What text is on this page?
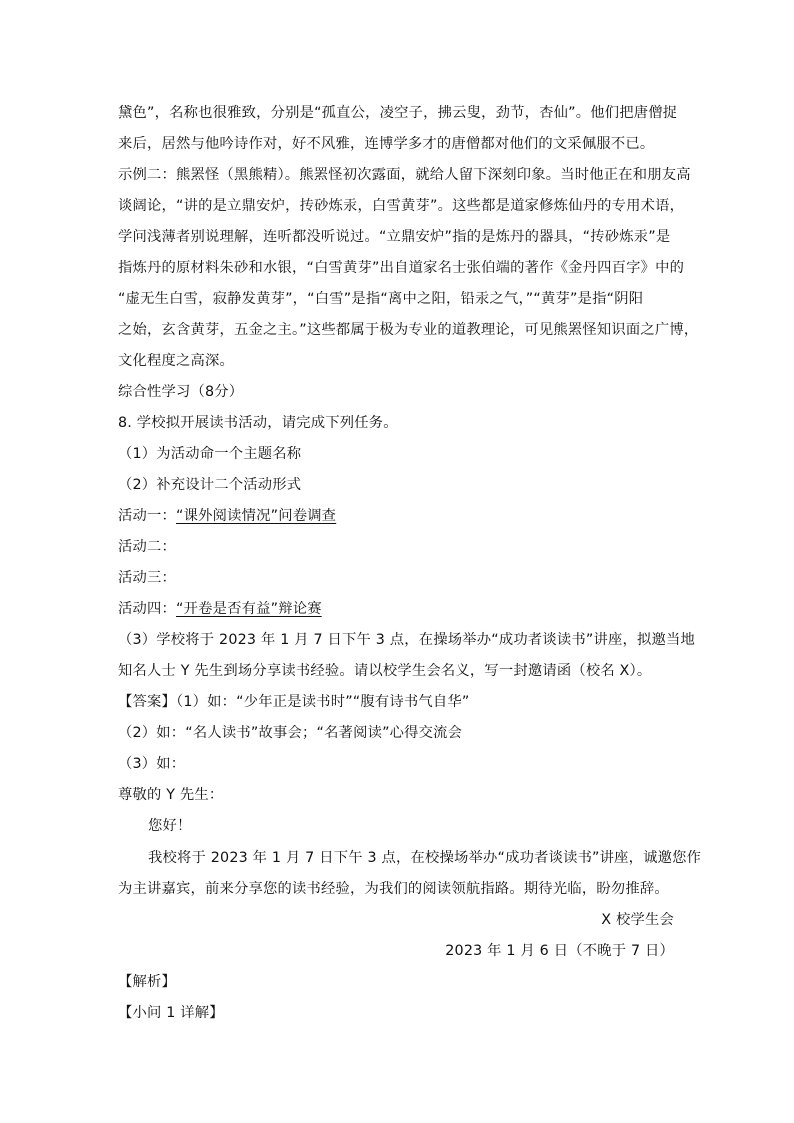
黛色”，名称也很雅致，分别是“孤直公，凌空子，拂云叟，劲节，杏仙”。他们把唐僧捉
来后，居然与他吟诗作对，好不风雅，连博学多才的唐僧都对他们的文采佩服不已。
示例二：熊罴怪（黑熊精）。熊罴怪初次露面，就给人留下深刻印象。当时他正在和朋友高
谈阔论，“讲的是立鼎安炉，抟砂炼汞，白雪黄芽”。这些都是道家修炼仙丹的专用术语，
学问浅薄者别说理解，连听都没听说过。“立鼎安炉”指的是炼丹的器具，“抟砂炼汞”是
指炼丹的原材料朱砂和水银，“白雪黄芽”出自道家名士张伯端的著作《金丹四百字》中的
“虚无生白雪，寂静发黄芽”，“白雪”是指“离中之阳，铅汞之气，”“黄芽”是指“阴阳
之始，玄含黄芽，五金之主。”这些都属于极为专业的道教理论，可见熊罴怪知识面之广博，
文化程度之高深。
综合性学习（8分）
8. 学校拟开展读书活动，请完成下列任务。
（1）为活动命一个主题名称
（2）补充设计二个活动形式
活动一：“课外阅读情况”问卷调查
活动二：
活动三：
活动四：“开卷是否有益”辩论赛
（3）学校将于 2023 年 1 月 7 日下午 3 点，在操场举办“成功者谈读书”讲座，拟邀当地
知名人士 Y 先生到场分享读书经验。请以校学生会名义，写一封邀请函（校名 X）。
【答案】（1）如：“少年正是读书时”“腹有诗书气自华”
（2）如：“名人读书”故事会；“名著阅读”心得交流会
（3）如：
尊敬的 Y 先生：
您好！
我校将于 2023 年 1 月 7 日下午 3 点，在校操场举办“成功者谈读书”讲座，诚邀您作
为主讲嘉宾，前来分享您的读书经验，为我们的阅读领航指路。期待光临，盼勿推辞。
X 校学生会
2023 年 1 月 6 日（不晚于 7 日）
【解析】
【小问 1 详解】
